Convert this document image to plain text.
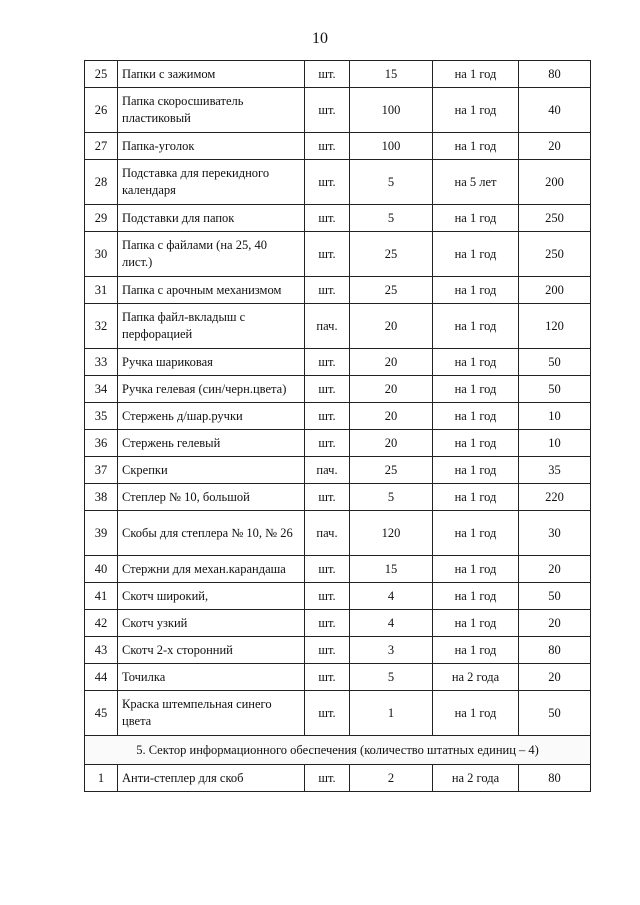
10
25	Папки с зажимом	шт.	15	на 1 год	80
26	Папка скоросшиватель пластиковый	шт.	100	на 1 год	40
27	Папка-уголок	шт.	100	на 1 год	20
28	Подставка для перекидного календаря	шт.	5	на 5 лет	200
29	Подставки для папок	шт.	5	на 1 год	250
30	Папка с файлами (на 25, 40 лист.)	шт.	25	на 1 год	250
31	Папка с арочным механизмом	шт.	25	на 1 год	200
32	Папка файл-вкладыш с перфорацией	пач.	20	на 1 год	120
33	Ручка шариковая	шт.	20	на 1 год	50
34	Ручка гелевая (син/черн.цвета)	шт.	20	на 1 год	50
35	Стержень д/шар.ручки	шт.	20	на 1 год	10
36	Стержень гелевый	шт.	20	на 1 год	10
37	Скрепки	пач.	25	на 1 год	35
38	Степлер № 10, большой	шт.	5	на 1 год	220
39	Скобы для степлера № 10, № 26	пач.	120	на 1 год	30
40	Стержни для механ.карандаша	шт.	15	на 1 год	20
41	Скотч широкий,	шт.	4	на 1 год	50
42	Скотч узкий	шт.	4	на 1 год	20
43	Скотч 2-х сторонний	шт.	3	на 1 год	80
44	Точилка	шт.	5	на 2 года	20
45	Краска штемпельная синего цвета	шт.	1	на 1 год	50
5. Сектор информационного обеспечения (количество штатных единиц – 4)					
1	Анти-степлер для скоб	шт.	2	на 2 года	80
